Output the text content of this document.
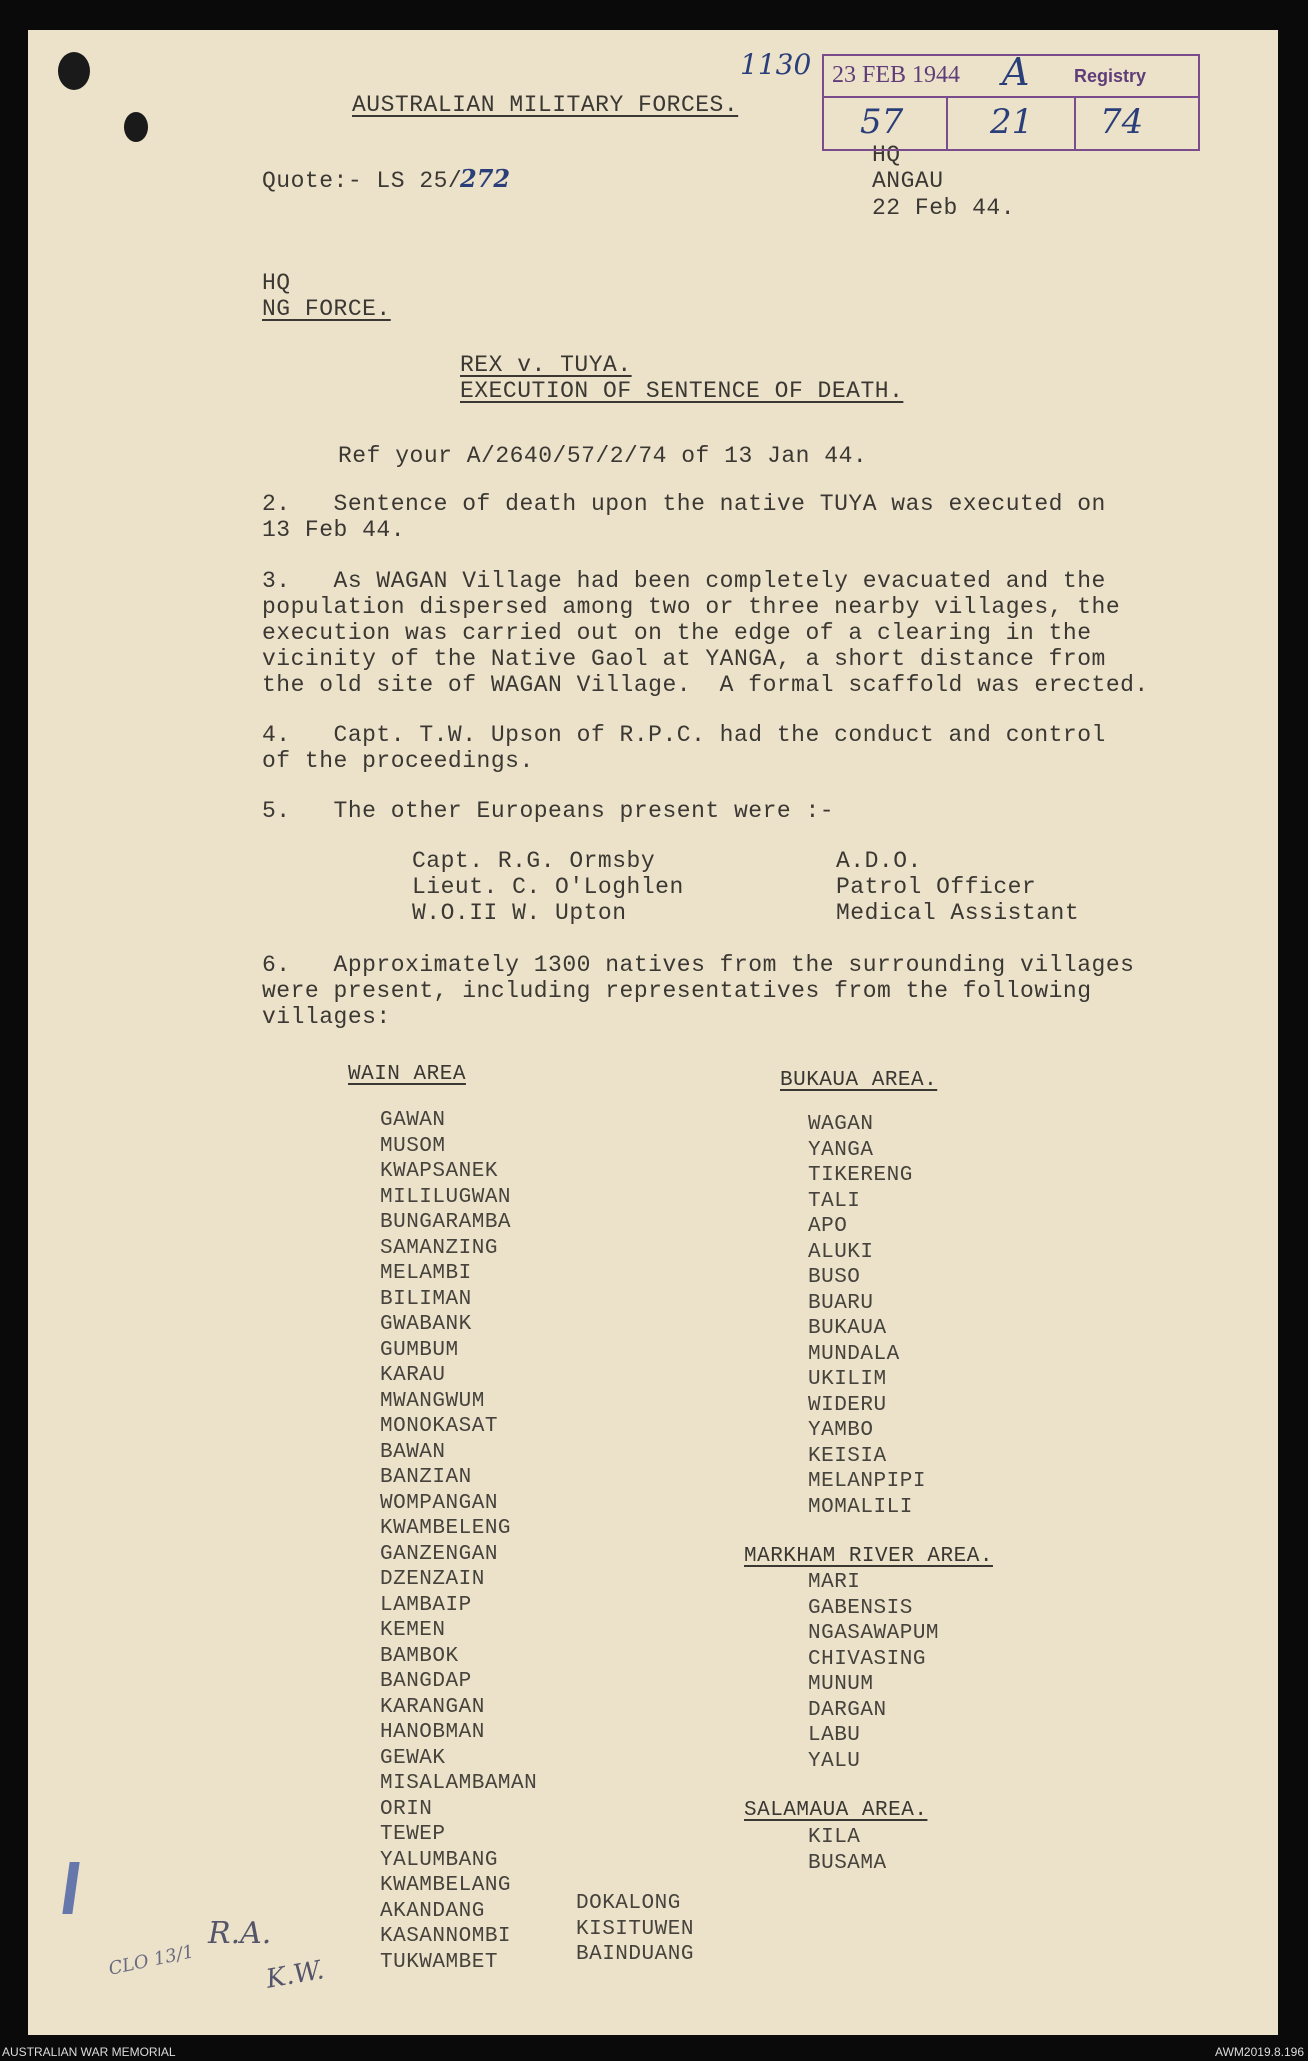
AUSTRALIAN MILITARY FORCES.
Quote:- LS 25/
272
HQ
ANGAU
22 Feb 44.
1130 23 FEB 1944 A Registry
57	21 74
HQ
NG FORCE.
REX v. TUYA.
EXECUTION OF SENTENCE OF DEATH.
Ref your A/2640/57/2/74 of 13 Jan 44.
2.   Sentence of death upon the native TUYA was executed on
13 Feb 44.
3.   As WAGAN Village had been completely evacuated and the
population dispersed among two or three nearby villages, the
execution was carried out on the edge of a clearing in the
vicinity of the Native Gaol at YANGA, a short distance from
the old site of WAGAN Village.  A formal scaffold was erected.
4.   Capt. T.W. Upson of R.P.C. had the conduct and control
of the proceedings.
5.   The other Europeans present were :-
Capt. R.G. Ormsby	A.D.O.
Lieut. C. O'Loghlen	Patrol Officer
W.O.II W. Upton	Medical Assistant
6.   Approximately 1300 natives from the surrounding villages
were present, including representatives from the following
villages:
WAIN AREA
GAWAN
MUSOM
KWAPSANEK
MILILUGWAN
BUNGARAMBA
SAMANZING
MELAMBI
BILIMAN
GWABANK
GUMBUM
KARAU
MWANGWUM
MONOKASAT
BAWAN
BANZIAN
WOMPANGAN
KWAMBELENG
GANZENGAN
DZENZAIN
LAMBAIP
KEMEN
BAMBOK
BANGDAP
KARANGAN
HANOBMAN
GEWAK
MISALAMBAMAN
ORIN
TEWEP
YALUMBANG
KWAMBELANG
AKANDANG
KASANNOMBI
TUKWAMBET
DOKALONG
KISITUWEN
BAINDUANG
BUKAUA AREA.
WAGAN
YANGA
TIKERENG
TALI
APO
ALUKI
BUSO
BUARU
BUKAUA
MUNDALA
UKILIM
WIDERU
YAMBO
KEISIA
MELANPIPI
MOMALILI
MARKHAM RIVER AREA.
MARI
GABENSIS
NGASAWAPUM
CHIVASING
MUNUM
DARGAN
LABU
YALU
SALAMAUA AREA.
KILA
BUSAMA
CLO 13/1
R.A.
K.W.
AUSTRALIAN WAR MEMORIAL	AWM2019.8.196
